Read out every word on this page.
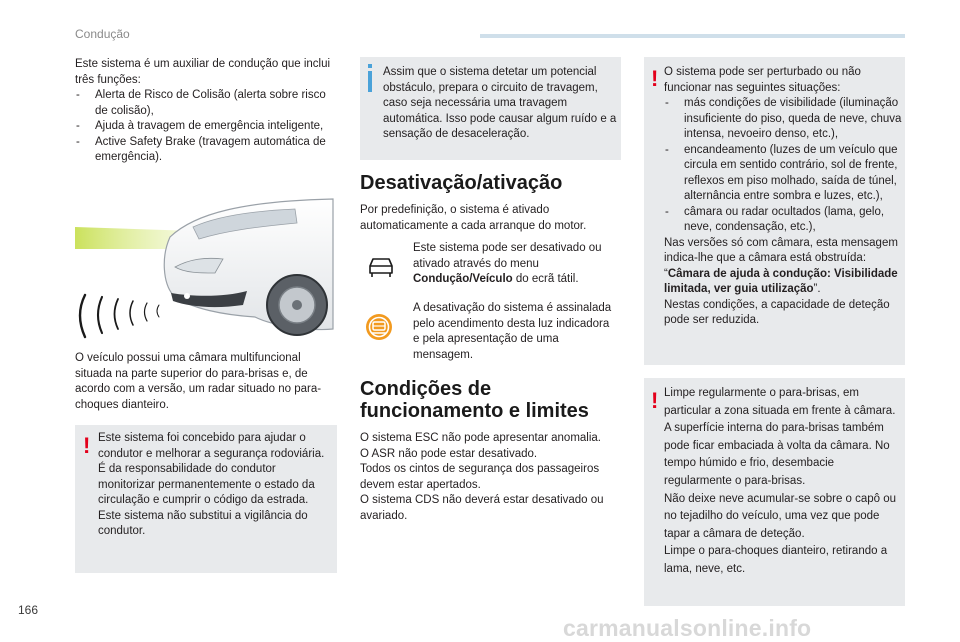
Condução

Este sistema é um auxiliar de condução que inclui três funções:

- Alerta de Risco de Colisão (alerta sobre risco de colisão),
- Ajuda à travagem de emergência inteligente,
- Active Safety Brake (travagem automática de emergência).

O veículo possui uma câmara multifuncional situada na parte superior do para-brisas e, de acordo com a versão, um radar situado no para-choques dianteiro.

! Este sistema foi concebido para ajudar o condutor e melhorar a segurança rodoviária.

É da responsabilidade do condutor monitorizar permanentemente o estado da circulação e cumprir o código da estrada.

Este sistema não substitui a vigilância do condutor.

Assim que o sistema detetar um potencial obstáculo, prepara o circuito de travagem, caso seja necessária uma travagem automática. Isso pode causar algum ruído e a sensação de desaceleração.

Desativação/ativação

Por predefinição, o sistema é ativado automaticamente a cada arranque do motor.

Este sistema pode ser desativado ou ativado através do menu Condução/Veículo do ecrã tátil.

A desativação do sistema é assinalada pelo acendimento desta luz indicadora e pela apresentação de uma mensagem.

Condições de funcionamento e limites

O sistema ESC não pode apresentar anomalia.

O ASR não pode estar desativado.

Todos os cintos de segurança dos passageiros devem estar apertados.

O sistema CDS não deverá estar desativado ou avariado.

! O sistema pode ser perturbado ou não funcionar nas seguintes situações:

- más condições de visibilidade (iluminação insuficiente do piso, queda de neve, chuva intensa, nevoeiro denso, etc.),
- encandeamento (luzes de um veículo que circula em sentido contrário, sol de frente, reflexos em piso molhado, saída de túnel, alternância entre sombra e luzes, etc.),
- câmara ou radar ocultados (lama, gelo, neve, condensação, etc.),

Nas versões só com câmara, esta mensagem indica-lhe que a câmara está obstruída: “Câmara de ajuda à condução: Visibilidade limitada, ver guia utilização”.

Nestas condições, a capacidade de deteção pode ser reduzida.

! Limpe regularmente o para-brisas, em particular a zona situada em frente à câmara.

A superfície interna do para-brisas também pode ficar embaciada à volta da câmara. No tempo húmido e frio, desembacie regularmente o para-brisas.

Não deixe neve acumular-se sobre o capô ou no tejadilho do veículo, uma vez que pode tapar a câmara de deteção.

Limpe o para-choques dianteiro, retirando a lama, neve, etc.

166
carmanualsonline.info
